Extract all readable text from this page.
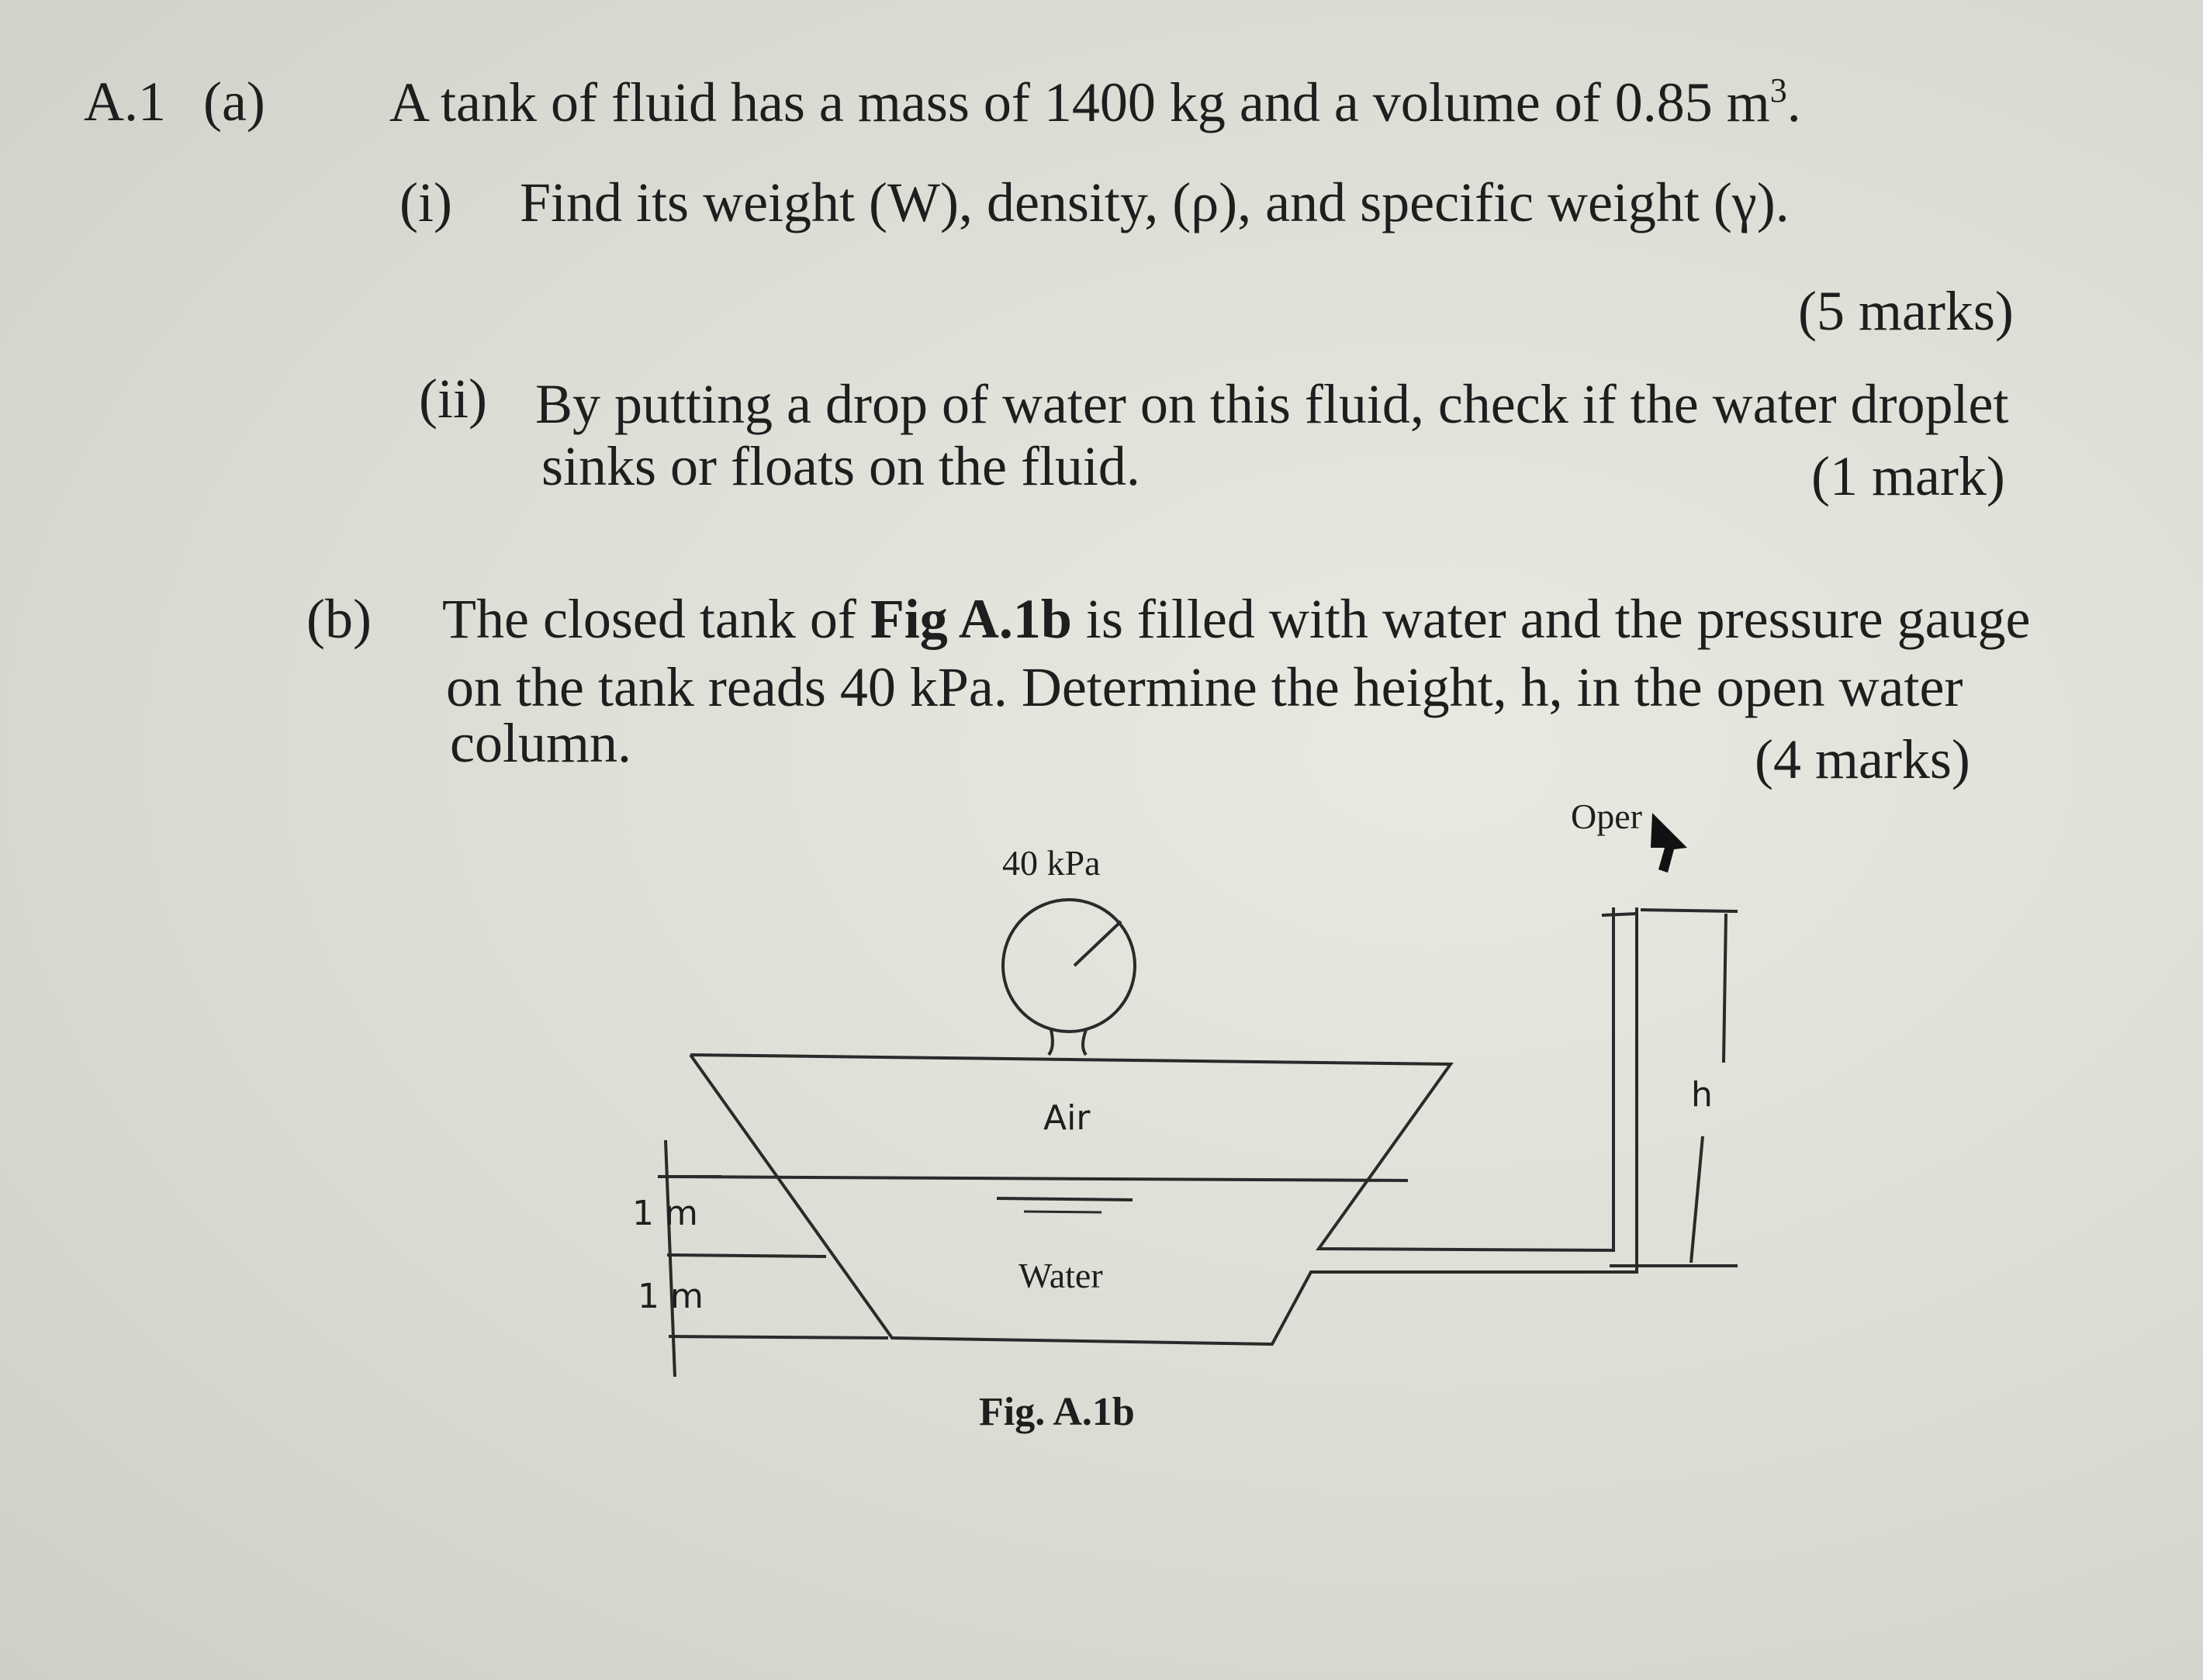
A.1 (a) A tank of fluid has a mass of 1400 kg and a volume of 0.85 $m^3$.
(i) Find its weight (W), density, (ρ), and specific weight (γ).
(5 marks)
(ii) By putting a drop of water on this fluid, check if the water droplet
sinks or floats on the fluid.	(1 mark)
(b) The closed tank of Fig A.1b is filled with water and the pressure gauge
on the tank reads 40 kPa. Determine the height, h, in the open water
column.	(4 marks)
40 kPa
Air
Water
Oper
1 m
1 m
h
Fig. A.1b
